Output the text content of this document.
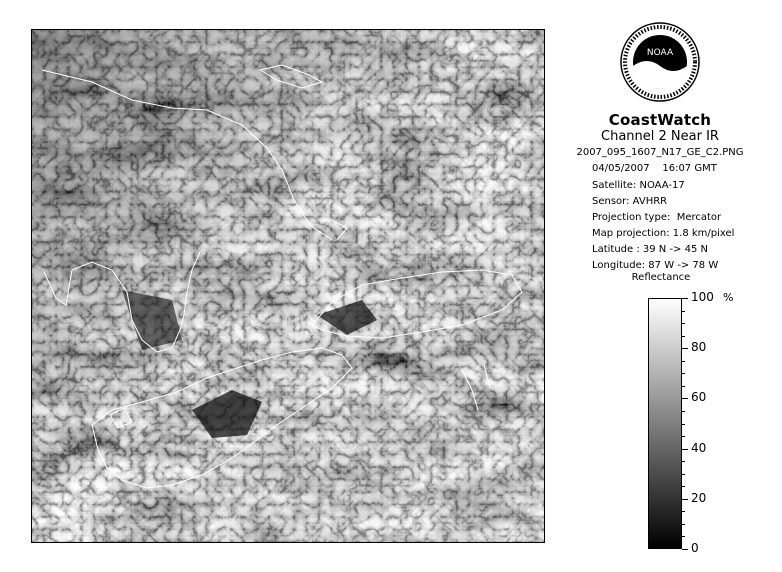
NOAA
CoastWatch
Channel 2 Near IR
2007_095_1607_N17_GE_C2.PNG
04/05/2007    16:07 GMT
Satellite: NOAA-17
Sensor: AVHRR
Projection type:  Mercator
Map projection: 1.8 km/pixel
Latitude : 39 N -> 45 N
Longitude: 87 W -> 78 W
Reflectance
%
100
80
60
40
20
0
